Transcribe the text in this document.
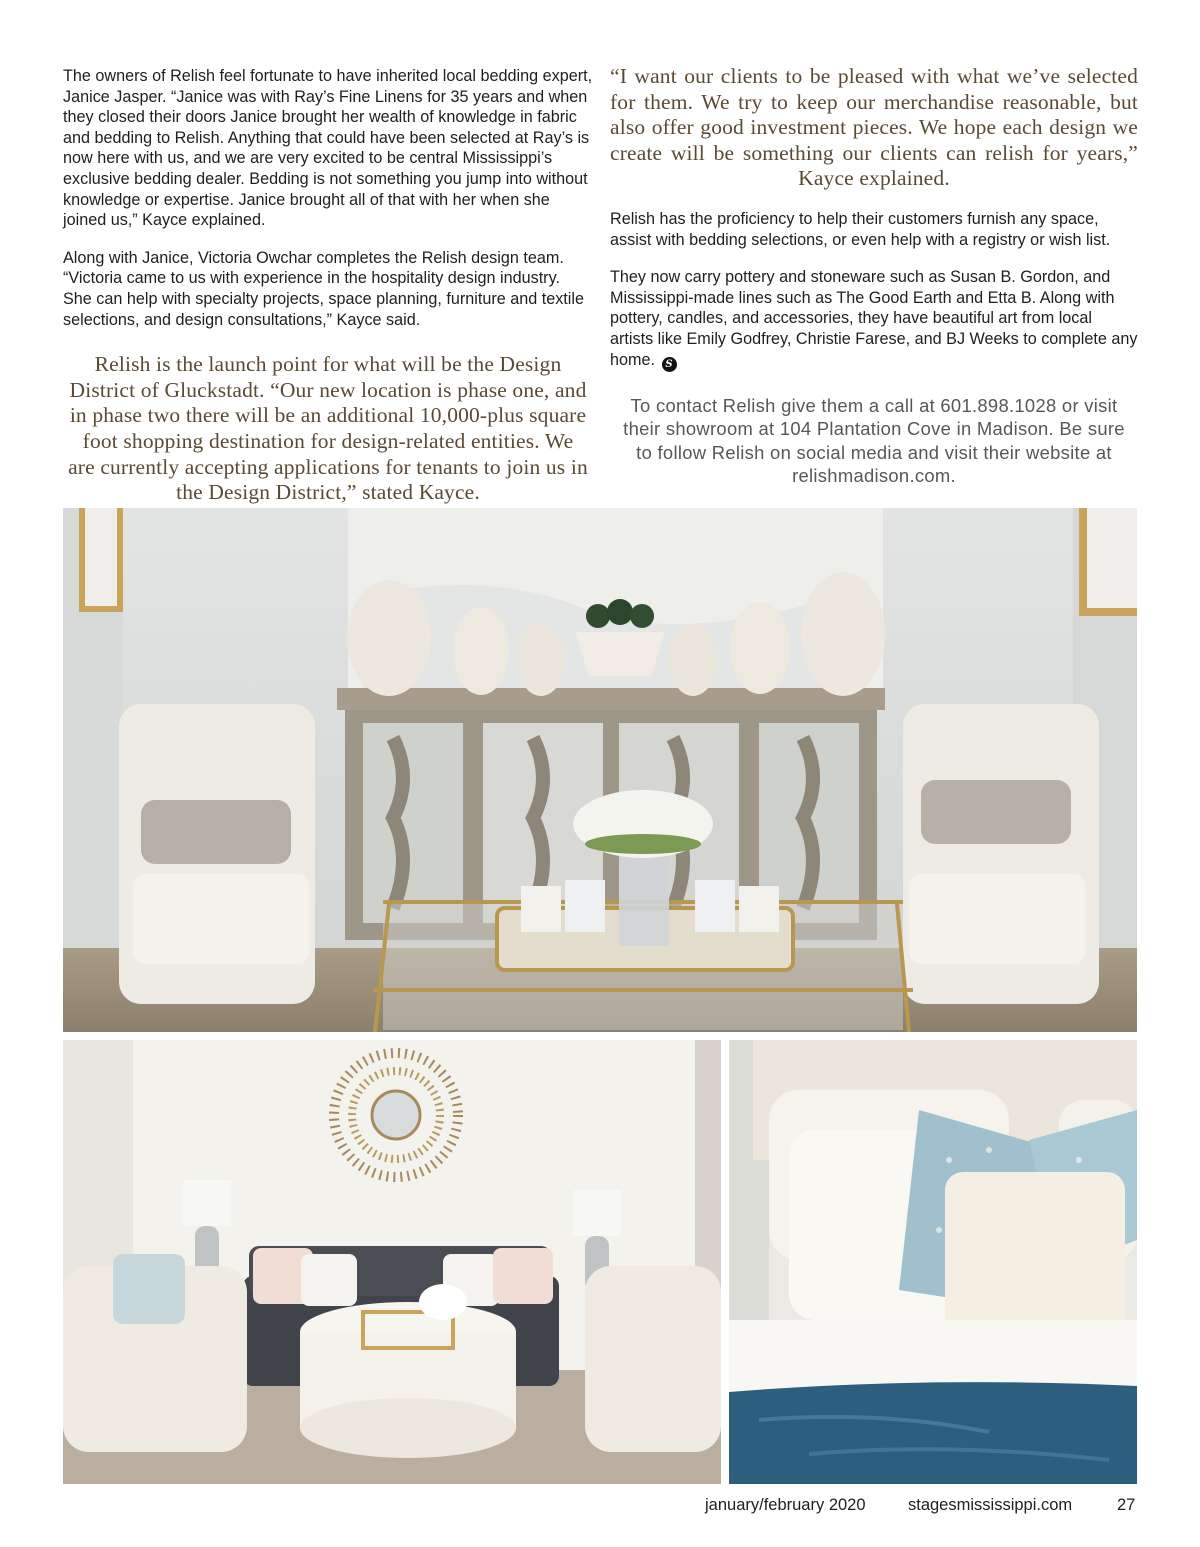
The owners of Relish feel fortunate to have inherited local bedding expert, Janice Jasper. “Janice was with Ray’s Fine Linens for 35 years and when they closed their doors Janice brought her wealth of knowledge in fabric and bedding to Relish. Anything that could have been selected at Ray’s is now here with us, and we are very excited to be central Mississippi’s exclusive bedding dealer. Bedding is not something you jump into without knowledge or expertise. Janice brought all of that with her when she joined us,” Kayce explained.

Along with Janice, Victoria Owchar completes the Relish design team. “Victoria came to us with experience in the hospitality design industry. She can help with specialty projects, space planning, furniture and textile selections, and design consultations,” Kayce said.

Relish is the launch point for what will be the Design District of Gluckstadt. “Our new location is phase one, and in phase two there will be an additional 10,000-plus square foot shopping destination for design-related entities. We are currently accepting applications for tenants to join us in the Design District,” stated Kayce.

“I want our clients to be pleased with what we’ve selected for them. We try to keep our merchandise reasonable, but also offer good investment pieces. We hope each design we create will be something our clients can relish for years,” Kayce explained.

Relish has the proficiency to help their customers furnish any space, assist with bedding selections, or even help with a registry or wish list.

They now carry pottery and stoneware such as Susan B. Gordon, and Mississippi-made lines such as The Good Earth and Etta B. Along with pottery, candles, and accessories, they have beautiful art from local artists like Emily Godfrey, Christie Farese, and BJ Weeks to complete any home. S

To contact Relish give them a call at 601.898.1028 or visit their showroom at 104 Plantation Cove in Madison. Be sure to follow Relish on social media and visit their website at relishmadison.com.

january/february 2020	stagesmississippi.com	27
